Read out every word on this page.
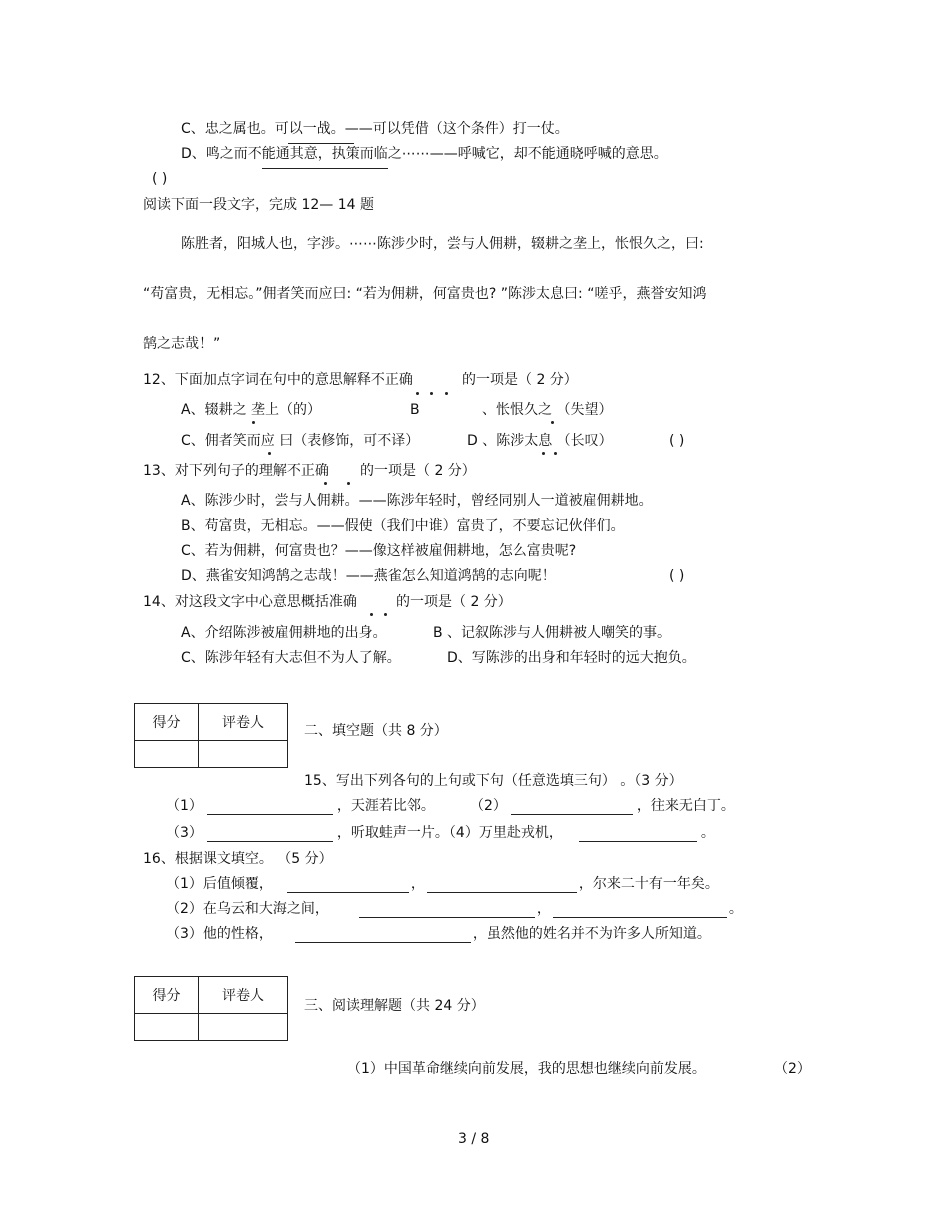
C、忠之属也。可以一战。——可以凭借（这个条件）打一仗。
D、鸣之而不能通其意，执策而临之⋯⋯——呼喊它，却不能通晓呼喊的意思。
( )
阅读下面一段文字，完成 12— 14 题
陈胜者，阳城人也，字涉。⋯⋯陈涉少时，尝与人佣耕，辍耕之垄上，怅恨久之，曰:
“苟富贵，无相忘。”佣者笑而应曰: “若为佣耕，何富贵也? ”陈涉太息曰: “嗟乎，燕誉安知鸿
鹄之志哉！”
12、下面加点字词在句中的意思解释不正确	的一项是（ 2 分）
A、辍耕之 垄上（的）	B	、怅恨久之 （失望）
C、佣者笑而应 曰（表修饰，可不译）	D 、陈涉太息 （长叹）	( )
13、对下列句子的理解不正确 的一项是（ 2 分）
A、陈涉少时，尝与人佣耕。——陈涉年轻时，曾经同别人一道被雇佣耕地。
B、苟富贵，无相忘。——假使（我们中谁）富贵了，不要忘记伙伴们。
C、若为佣耕，何富贵也？——像这样被雇佣耕地，怎么富贵呢?
D、燕雀安知鸿鹄之志哉！——燕雀怎么知道鸿鹄的志向呢！	( )
14、对这段文字中心意思概括准确	的一项是（ 2 分）
A、介绍陈涉被雇佣耕地的出身。	B 、记叙陈涉与人佣耕被人嘲笑的事。
C、陈涉年轻有大志但不为人了解。	D、写陈涉的出身和年轻时的远大抱负。
得分	评卷人
		二、填空题（共 8 分）
15、写出下列各句的上句或下句（任意选填三句） 。（3 分）
（1）	，天涯若比邻。	（2）	，往来无白丁。
（3）	，听取蛙声一片。（4）万里赴戎机，	。
16、根据课文填空。 （5 分）
（1）后值倾覆，	，	，尔来二十有一年矣。
（2）在乌云和大海之间，	，	。
（3）他的性格，	，虽然他的姓名并不为许多人所知道。
得分	评卷人

三、阅读理解题（共 24 分）
（1）中国革命继续向前发展，我的思想也继续向前发展。	（2）
3 / 8
